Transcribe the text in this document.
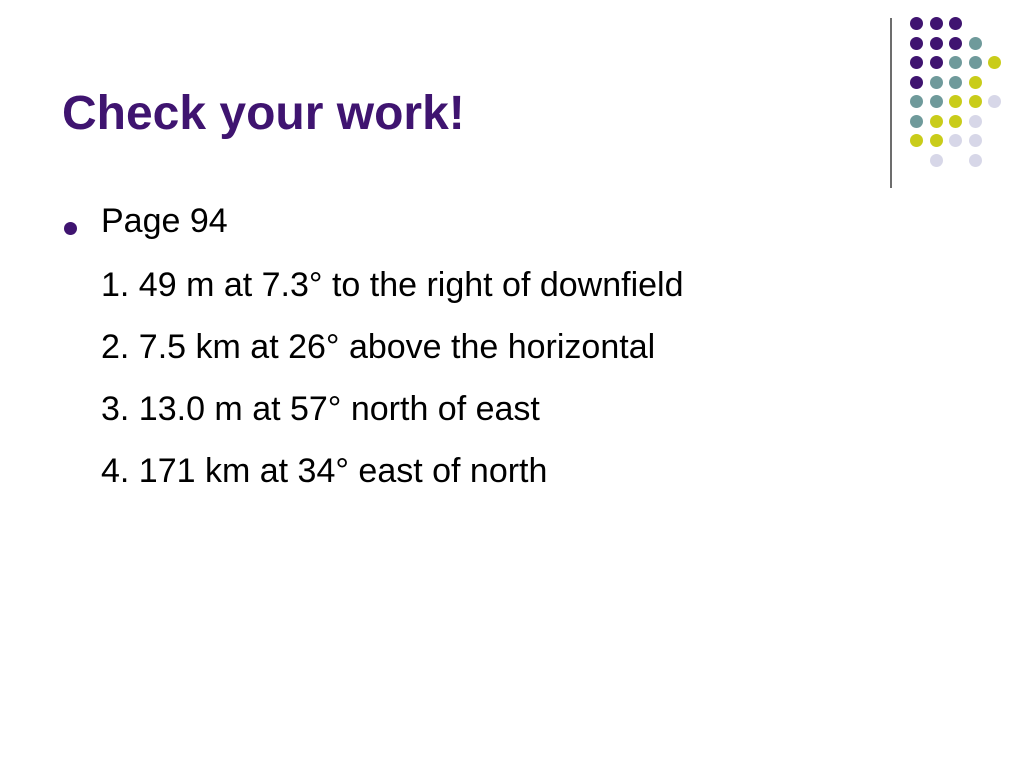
Check your work!
Page 94
1. 49 m at 7.3° to the right of downfield
2. 7.5 km at 26° above the horizontal
3. 13.0 m at 57° north of east
4. 171 km at 34° east of north
